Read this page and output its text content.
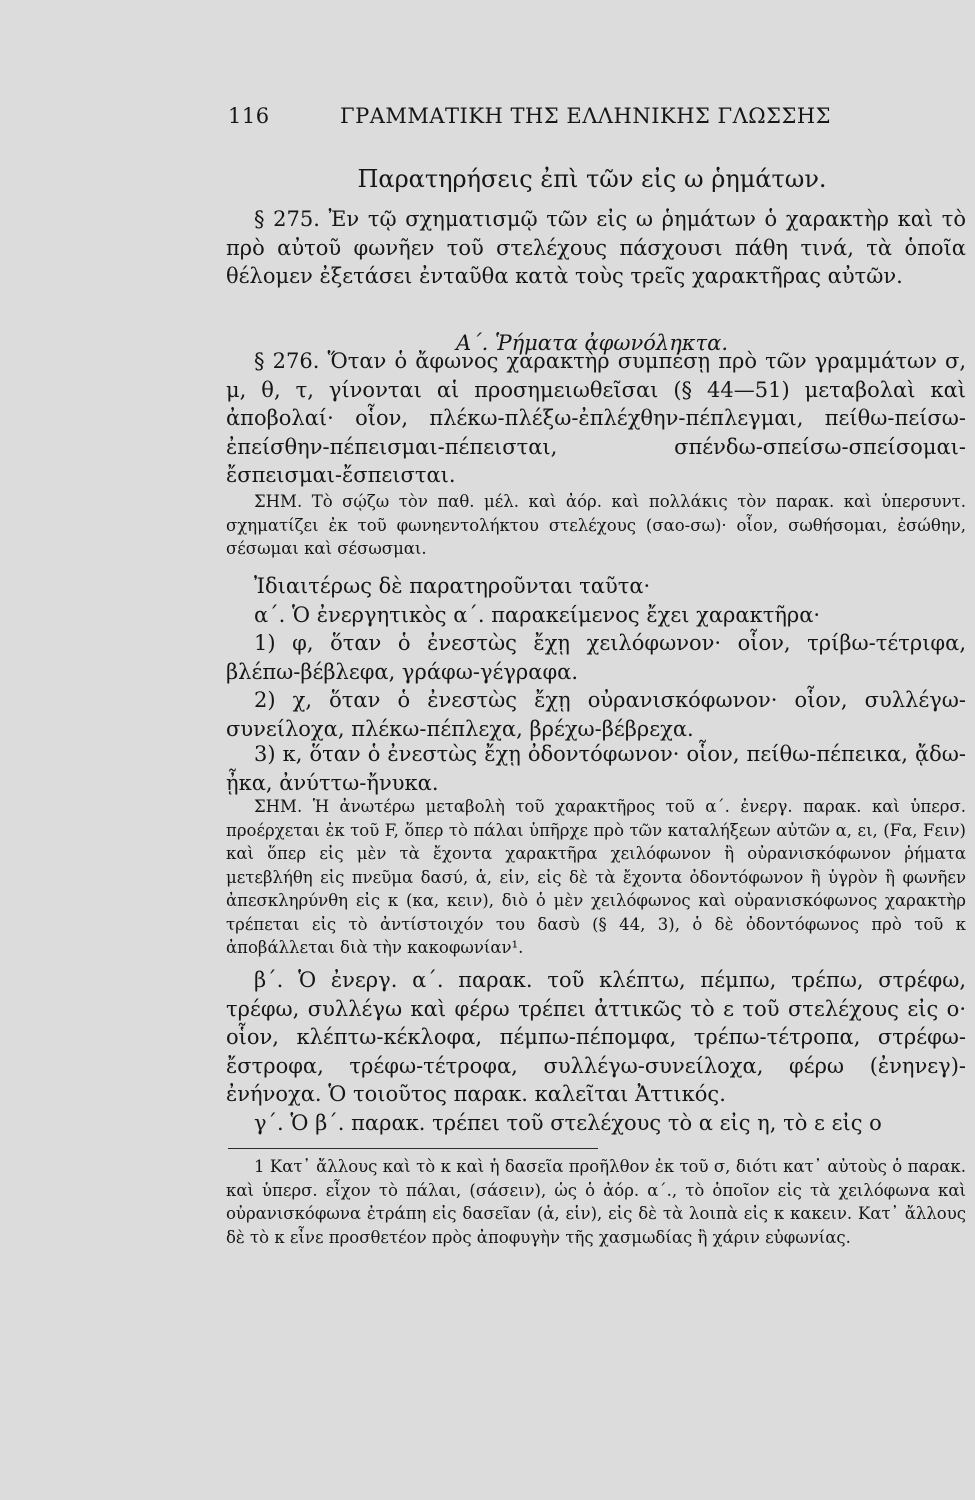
116	ΓΡΑΜΜΑΤΙΚΗ ΤΗΣ ΕΛΛΗΝΙΚΗΣ ΓΛΩΣΣΗΣ
Παρατηρήσεις ἐπὶ τῶν εἰς ω ῥημάτων.

§ 275. Ἐν τῷ σχηματισμῷ τῶν εἰς ω ῥημάτων ὁ χαρακτὴρ καὶ τὸ πρὸ αὐτοῦ φωνῆεν τοῦ στελέχους πάσχουσι πάθη τινά, τὰ ὁποῖα θέλομεν ἐξετάσει ἐνταῦθα κατὰ τοὺς τρεῖς χαρακτῆρας αὐτῶν.

Α΄. Ῥήματα ἀφωνόληκτα.

§ 276. Ὅταν ὁ ἄφωνος χαρακτὴρ συμπέσῃ πρὸ τῶν γραμμάτων σ, μ, θ, τ, γίνονται αἱ προσημειωθεῖσαι (§ 44—51) μεταβολαὶ καὶ ἀποβολαί· οἷον, πλέκω-πλέξω-ἐπλέχθην-πέπλεγμαι, πείθω-πείσω-ἐπείσθην-πέπεισμαι-πέπεισται, σπένδω-σπείσω-σπείσομαι-ἔσπεισμαι-ἔσπεισται.

ΣΗΜ. Τὸ σῴζω τὸν παθ. μέλ. καὶ ἀόρ. καὶ πολλάκις τὸν παρακ. καὶ ὑπερσυντ. σχηματίζει ἐκ τοῦ φωνηεντολήκτου στελέχους (σαο-σω)· οἷον, σωθήσομαι, ἐσώθην, σέσωμαι καὶ σέσωσμαι.

Ἰδιαιτέρως δὲ παρατηροῦνται ταῦτα·

α΄. Ὁ ἐνεργητικὸς α΄. παρακείμενος ἔχει χαρακτῆρα·

1) φ, ὅταν ὁ ἐνεστὼς ἔχῃ χειλόφωνον· οἷον, τρίβω-τέτριφα, βλέπω-βέβλεφα, γράφω-γέγραφα.

2) χ, ὅταν ὁ ἐνεστὼς ἔχῃ οὐρανισκόφωνον· οἷον, συλλέγω-συνείλοχα, πλέκω-πέπλεχα, βρέχω-βέβρεχα.

3) κ, ὅταν ὁ ἐνεστὼς ἔχῃ ὀδοντόφωνον· οἷον, πείθω-πέπεικα, ᾄδω-ᾖκα, ἀνύττω-ἤνυκα.

ΣΗΜ. Ἡ ἀνωτέρω μεταβολὴ τοῦ χαρακτῆρος τοῦ α΄. ἐνεργ. παρακ. καὶ ὑπερσ. προέρχεται ἐκ τοῦ F, ὅπερ τὸ πάλαι ὑπῆρχε πρὸ τῶν καταλήξεων αὐτῶν α, ει, (Fα, Fειν) καὶ ὅπερ εἰς μὲν τὰ ἔχοντα χαρακτῆρα χειλόφωνον ἢ οὐρανισκόφωνον ῥήματα μετεβλήθη εἰς πνεῦμα δασύ, ἁ, εἱν, εἰς δὲ τὰ ἔχοντα ὀδοντόφωνον ἢ ὑγρὸν ἢ φωνῆεν ἀπεσκληρύνθη εἰς κ (κα, κειν), διὸ ὁ μὲν χειλόφωνος καὶ οὐρανισκόφωνος χαρακτὴρ τρέπεται εἰς τὸ ἀντίστοιχόν του δασὺ (§ 44, 3), ὁ δὲ ὀδοντόφωνος πρὸ τοῦ κ ἀποβάλλεται διὰ τὴν κακοφωνίαν¹.

β΄. Ὁ ἐνεργ. α΄. παρακ. τοῦ κλέπτω, πέμπω, τρέπω, στρέφω, τρέφω, συλλέγω καὶ φέρω τρέπει ἀττικῶς τὸ ε τοῦ στελέχους εἰς ο· οἷον, κλέπτω-κέκλοφα, πέμπω-πέπομφα, τρέπω-τέτροπα, στρέφω-ἔστροφα, τρέφω-τέτροφα, συλλέγω-συνείλοχα, φέρω (ἐνηνεγ)-ἐνήνοχα. Ὁ τοιοῦτος παρακ. καλεῖται Ἀττικός.

γ΄. Ὁ β΄. παρακ. τρέπει τοῦ στελέχους τὸ α εἰς η, τὸ ε εἰς ο

1 Κατ᾽ ἄλλους καὶ τὸ κ καὶ ἡ δασεῖα προῆλθον ἐκ τοῦ σ, διότι κατ᾽ αὐτοὺς ὁ παρακ. καὶ ὑπερσ. εἶχον τὸ πάλαι, (σάσειν), ὡς ὁ ἀόρ. α΄., τὸ ὁποῖον εἰς τὰ χειλόφωνα καὶ οὐρανισκόφωνα ἐτράπη εἰς δασεῖαν (ἁ, εἱν), εἰς δὲ τὰ λοιπὰ εἰς κ κακειν. Κατ᾽ ἄλλους δὲ τὸ κ εἶνε προσθετέον πρὸς ἀποφυγὴν τῆς χασμωδίας ἢ χάριν εὐφωνίας.
